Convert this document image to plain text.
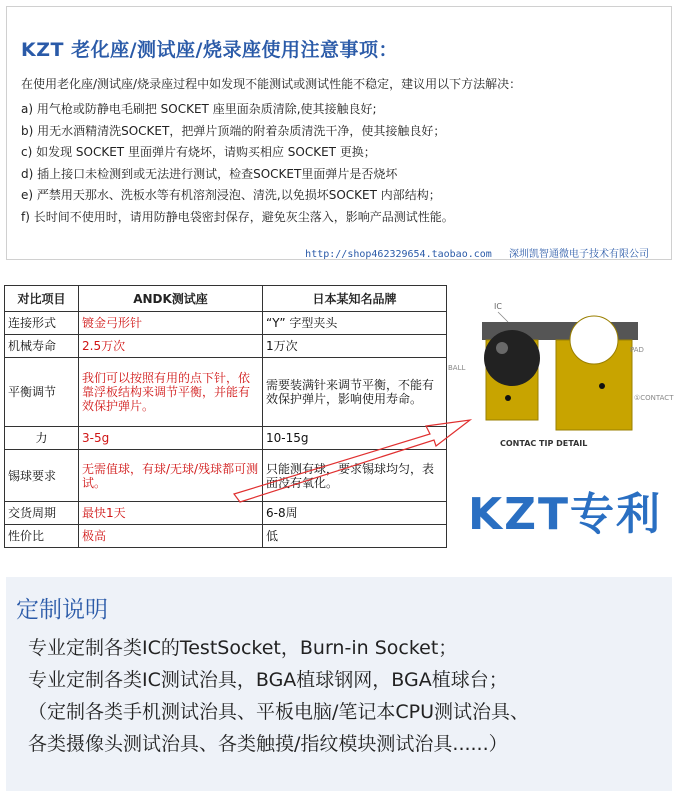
KZT 老化座/测试座/烧录座使用注意事项：
在使用老化座/测试座/烧录座过程中如发现不能测试或测试性能不稳定，建议用以下方法解决：
a) 用气枪或防静电毛刷把 SOCKET 座里面杂质清除,使其接触良好;
b) 用无水酒精清洗SOCKET，把弹片顶端的附着杂质清洗干净，使其接触良好；
c) 如发现 SOCKET 里面弹片有烧坏，请购买相应 SOCKET 更换；
d) 插上接口未检测到或无法进行测试，检查SOCKET里面弹片是否烧坏
e) 严禁用天那水、洗板水等有机溶剂浸泡、清洗,以免损坏SOCKET 内部结构；
f) 长时间不使用时，请用防静电袋密封保存，避免灰尘落入，影响产品测试性能。
http://shop462329654.taobao.com 深圳凯智通微电子技术有限公司
对比项目	ANDK测试座	日本某知名品牌
连接形式	镀金弓形针	“Y” 字型夹头
机械寿命	2.5万次	1万次
平衡调节	我们可以按照有用的点下针，依靠浮板结构来调节平衡，并能有效保护弹片。	需要装满针来调节平衡，不能有效保护弹片，影响使用寿命。
力	3-5g	10-15g
锡球要求	无需值球，有球/无球/残球都可测试。	只能测有球，要求锡球均匀，表面没有氧化。
交货周期	最快1天	6-8周
性价比	极高	低
IC
BALL
PAD
①CONTACT
CONTAC TIP DETAIL
KZT专利
定制说明
专业定制各类IC的TestSocket，Burn-in Socket；
专业定制各类IC测试治具，BGA植球钢网，BGA植球台；
（定制各类手机测试治具、平板电脑/笔记本CPU测试治具、
各类摄像头测试治具、各类触摸/指纹模块测试治具......）
